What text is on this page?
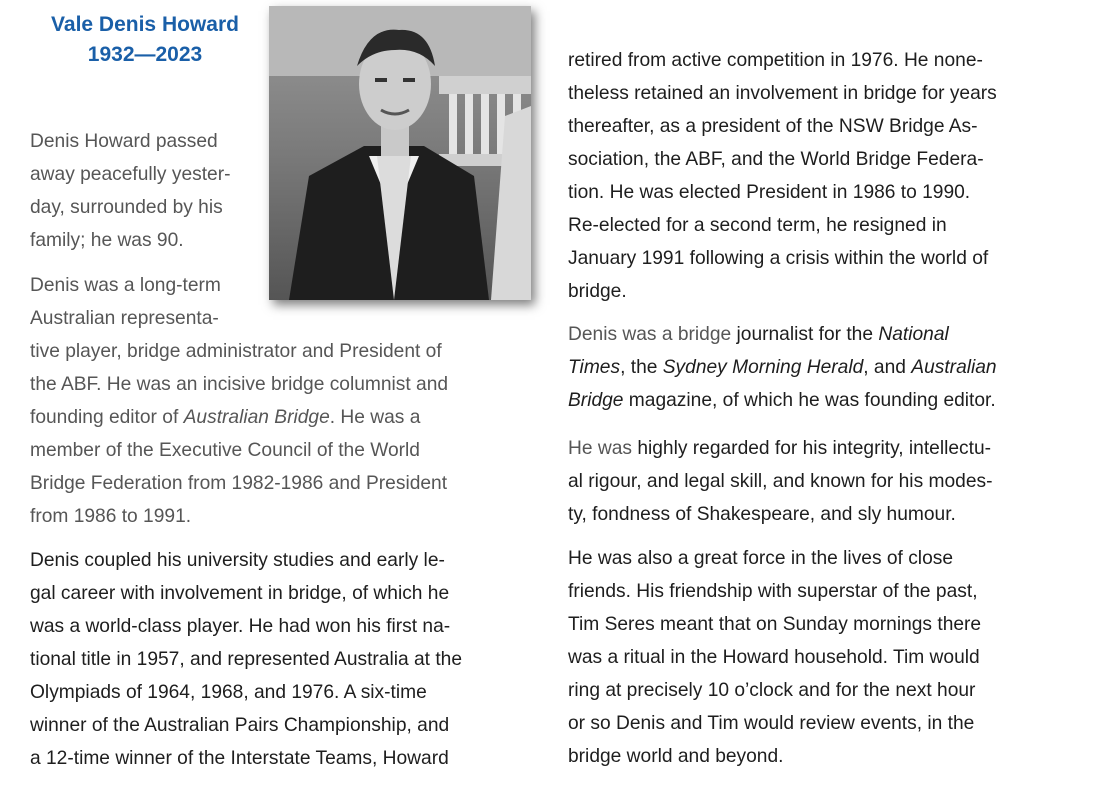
Vale Denis Howard
1932—2023
Denis Howard passed
away peacefully yester-
day, surrounded by his
family; he was 90.
Denis was a long-term
Australian representa-
tive player, bridge administrator and President of
the ABF. He was an incisive bridge columnist and
founding editor of Australian Bridge. He was a
member of the Executive Council of the World
Bridge Federation from 1982-1986 and President
from 1986 to 1991.
Denis coupled his university studies and early le-
gal career with involvement in bridge, of which he
was a world-class player. He had won his first na-
tional title in 1957, and represented Australia at the
Olympiads of 1964, 1968, and 1976. A six-time
winner of the Australian Pairs Championship, and
a 12-time winner of the Interstate Teams, Howard
retired from active competition in 1976. He none-
theless retained an involvement in bridge for years
thereafter, as a president of the NSW Bridge As-
sociation, the ABF, and the World Bridge Federa-
tion. He was elected President in 1986 to 1990.
Re-elected for a second term, he resigned in
January 1991 following a crisis within the world of
bridge.
Denis was a bridge journalist for the National
Times, the Sydney Morning Herald, and Australian
Bridge magazine, of which he was founding editor.
He was highly regarded for his integrity, intellectu-
al rigour, and legal skill, and known for his modes-
ty, fondness of Shakespeare, and sly humour.
He was also a great force in the lives of close
friends. His friendship with superstar of the past,
Tim Seres meant that on Sunday mornings there
was a ritual in the Howard household. Tim would
ring at precisely 10 o’clock and for the next hour
or so Denis and Tim would review events, in the
bridge world and beyond.
